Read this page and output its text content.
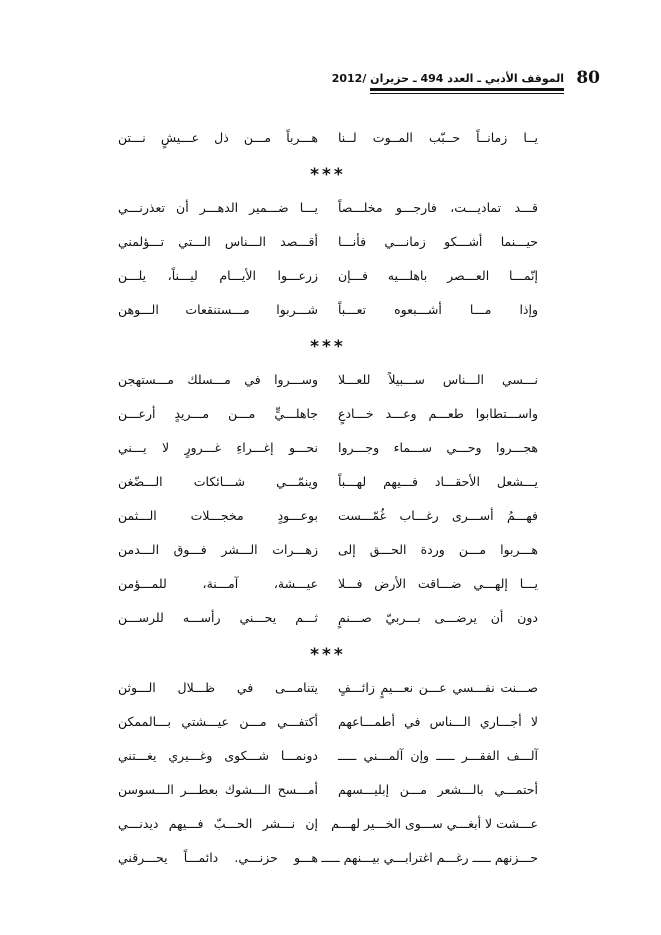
80
الموقف الأدبي ـ العدد 494 ـ حزيران /2012
يــا زمانــاً حــبّب المــوت لــنا
هـــرباً مـــن ذل عـــيشٍ نـــتن
***
قـــد تماديـــت، فارجـــو مخلـــصاً
يـــا ضـــمير الدهـــر أن تعذرنـــي
حيـــنما أشـــكو زمانـــي فأنـــا
أقـــصد الـــناس الـــتي تـــؤلمني
إنّمـــا العـــصر باهلـــيه فـــإن
زرعـــوا الأيـــام ليـــناً، يلـــن
وإذا مـــا أشـــبعوه تعـــباً
شـــربوا مـــستنقعات الـــوهن
***
نـــسي الـــناس ســـبيلاً للعـــلا
وســـروا في مـــسلك مـــستهجن
واســـتطابوا طعـــم وعـــد خـــادعٍ
جاهلـــيٍّ مـــن مـــريدٍ أرعـــن
هجـــروا وحـــي ســـماء وجـــروا
نحـــو إغـــراءِ غـــرورٍ لا يـــني
يـــشعل الأحقـــاد فـــيهم لهـــباً
وينمّـــي شـــائكات الـــضّغن
فهـــمُ أســـرى رغـــاب غُمّـــست
بوعـــودٍ مخجـــلات الـــثمن
هـــربوا مـــن وردة الحـــق إلى
زهـــرات الـــشر فـــوق الـــدمن
يـــا إلهـــي ضـــاقت الأرض فـــلا
عيـــشة، آمـــنة، للمـــؤمن
دون أن يرضـــى بـــربيّ صـــنمٍ
ثـــم يحـــني رأســـه للرســـن
***
صـــنت نفـــسي عـــن نعـــيمٍ زائـــفٍ
يتنامـــى في ظـــلال الـــوثن
لا أجـــاري الـــناس في أطمـــاعهم
أكتفـــي مـــن عيـــشتي بـــالممكن
آلـــف الفقـــر ـــــ وإن آلمـــني ـــــ
دونمـــا شـــكوى وغـــيري يغـــتني
أحتمـــي بالـــشعر مـــن إبليـــسهم
أمـــسح الـــشوك بعطـــر الـــسوسن
عـــشت لا أبغـــي ســـوى الخـــير لهـــم
إن نـــشر الحـــبّ فـــيهم ديدنـــي
حـــزنهم ـــــ رغـــم اغترابـــي بيـــنهم ـــــ
هـــو حزنـــي. دائمـــاً يحـــرقني
